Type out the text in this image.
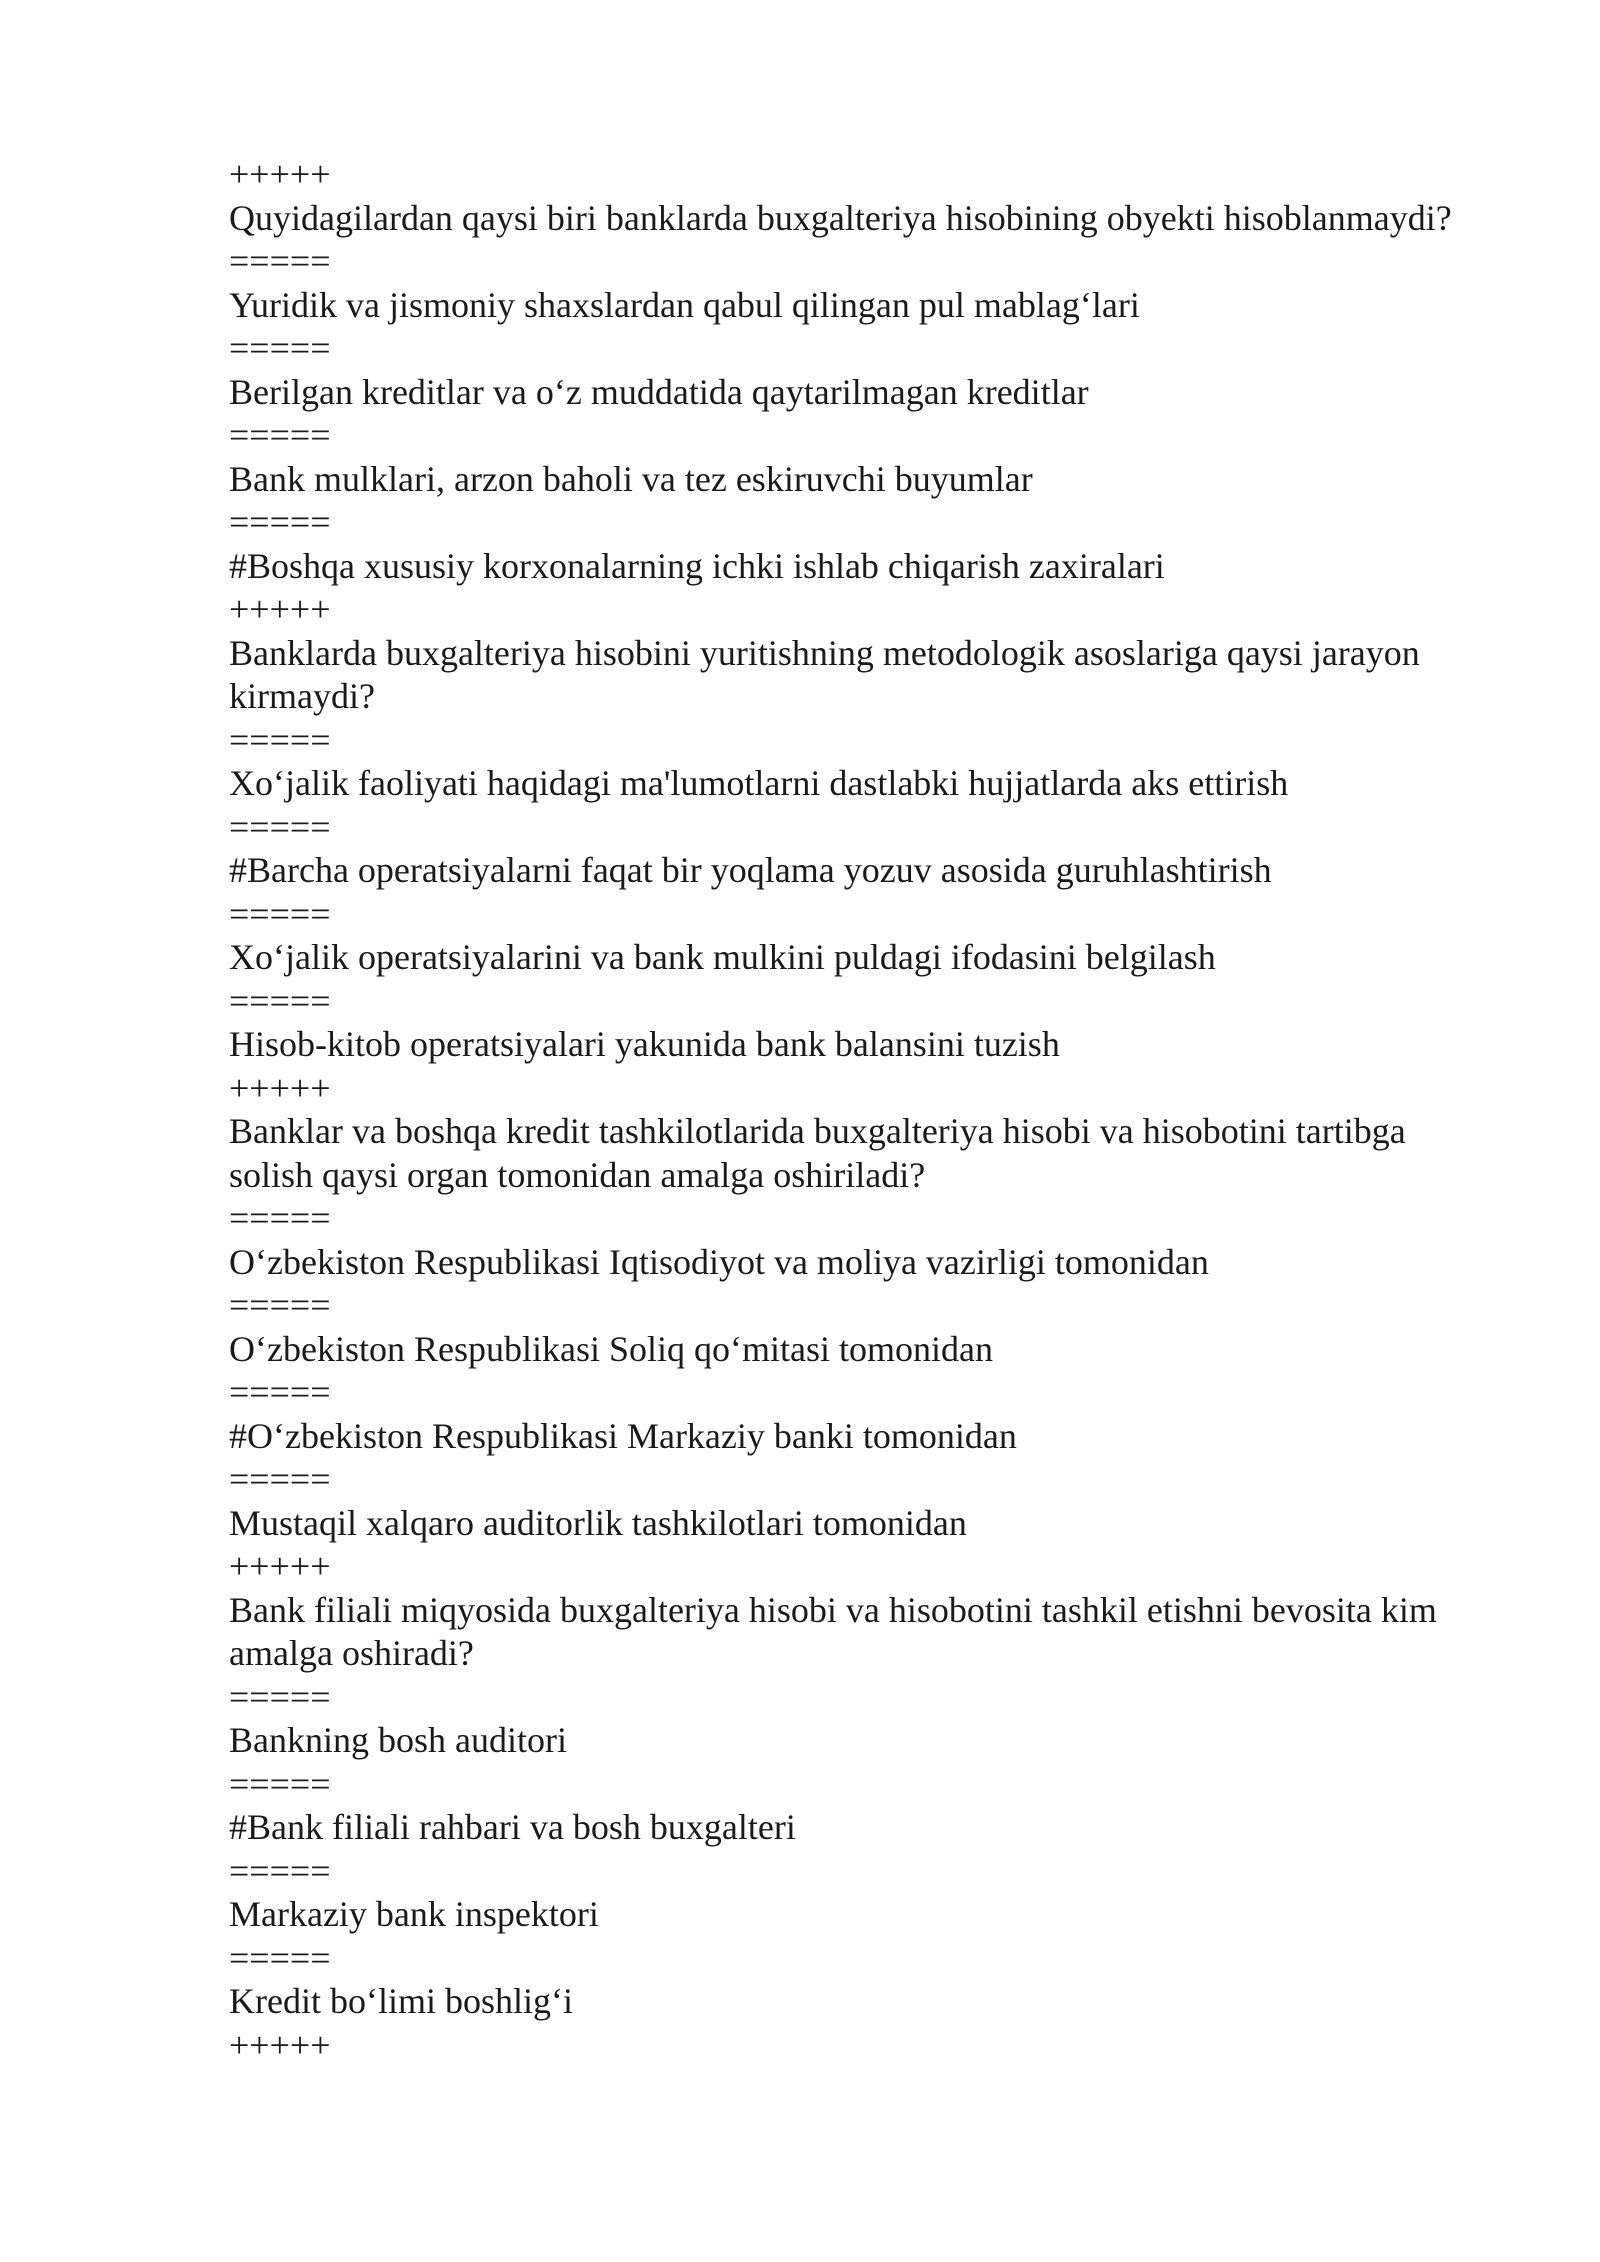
+++++

Quyidagilardan qaysi biri banklarda buxgalteriya hisobining obyekti hisoblanmaydi?

=====

Yuridik va jismoniy shaxslardan qabul qilingan pul mablag‘lari

=====

Berilgan kreditlar va o‘z muddatida qaytarilmagan kreditlar

=====

Bank mulklari, arzon baholi va tez eskiruvchi buyumlar

=====

#Boshqa xususiy korxonalarning ichki ishlab chiqarish zaxiralari

+++++

Banklarda buxgalteriya hisobini yuritishning metodologik asoslariga qaysi jarayon kirmaydi?

=====

Xo‘jalik faoliyati haqidagi ma'lumotlarni dastlabki hujjatlarda aks ettirish

=====

#Barcha operatsiyalarni faqat bir yoqlama yozuv asosida guruhlashtirish

=====

Xo‘jalik operatsiyalarini va bank mulkini puldagi ifodasini belgilash

=====

Hisob-kitob operatsiyalari yakunida bank balansini tuzish

+++++

Banklar va boshqa kredit tashkilotlarida buxgalteriya hisobi va hisobotini tartibga solish qaysi organ tomonidan amalga oshiriladi?

=====

O‘zbekiston Respublikasi Iqtisodiyot va moliya vazirligi tomonidan

=====

O‘zbekiston Respublikasi Soliq qo‘mitasi tomonidan

=====

#O‘zbekiston Respublikasi Markaziy banki tomonidan

=====

Mustaqil xalqaro auditorlik tashkilotlari tomonidan

+++++

Bank filiali miqyosida buxgalteriya hisobi va hisobotini tashkil etishni bevosita kim amalga oshiradi?

=====

Bankning bosh auditori

=====

#Bank filiali rahbari va bosh buxgalteri

=====

Markaziy bank inspektori

=====

Kredit bo‘limi boshlig‘i

+++++
